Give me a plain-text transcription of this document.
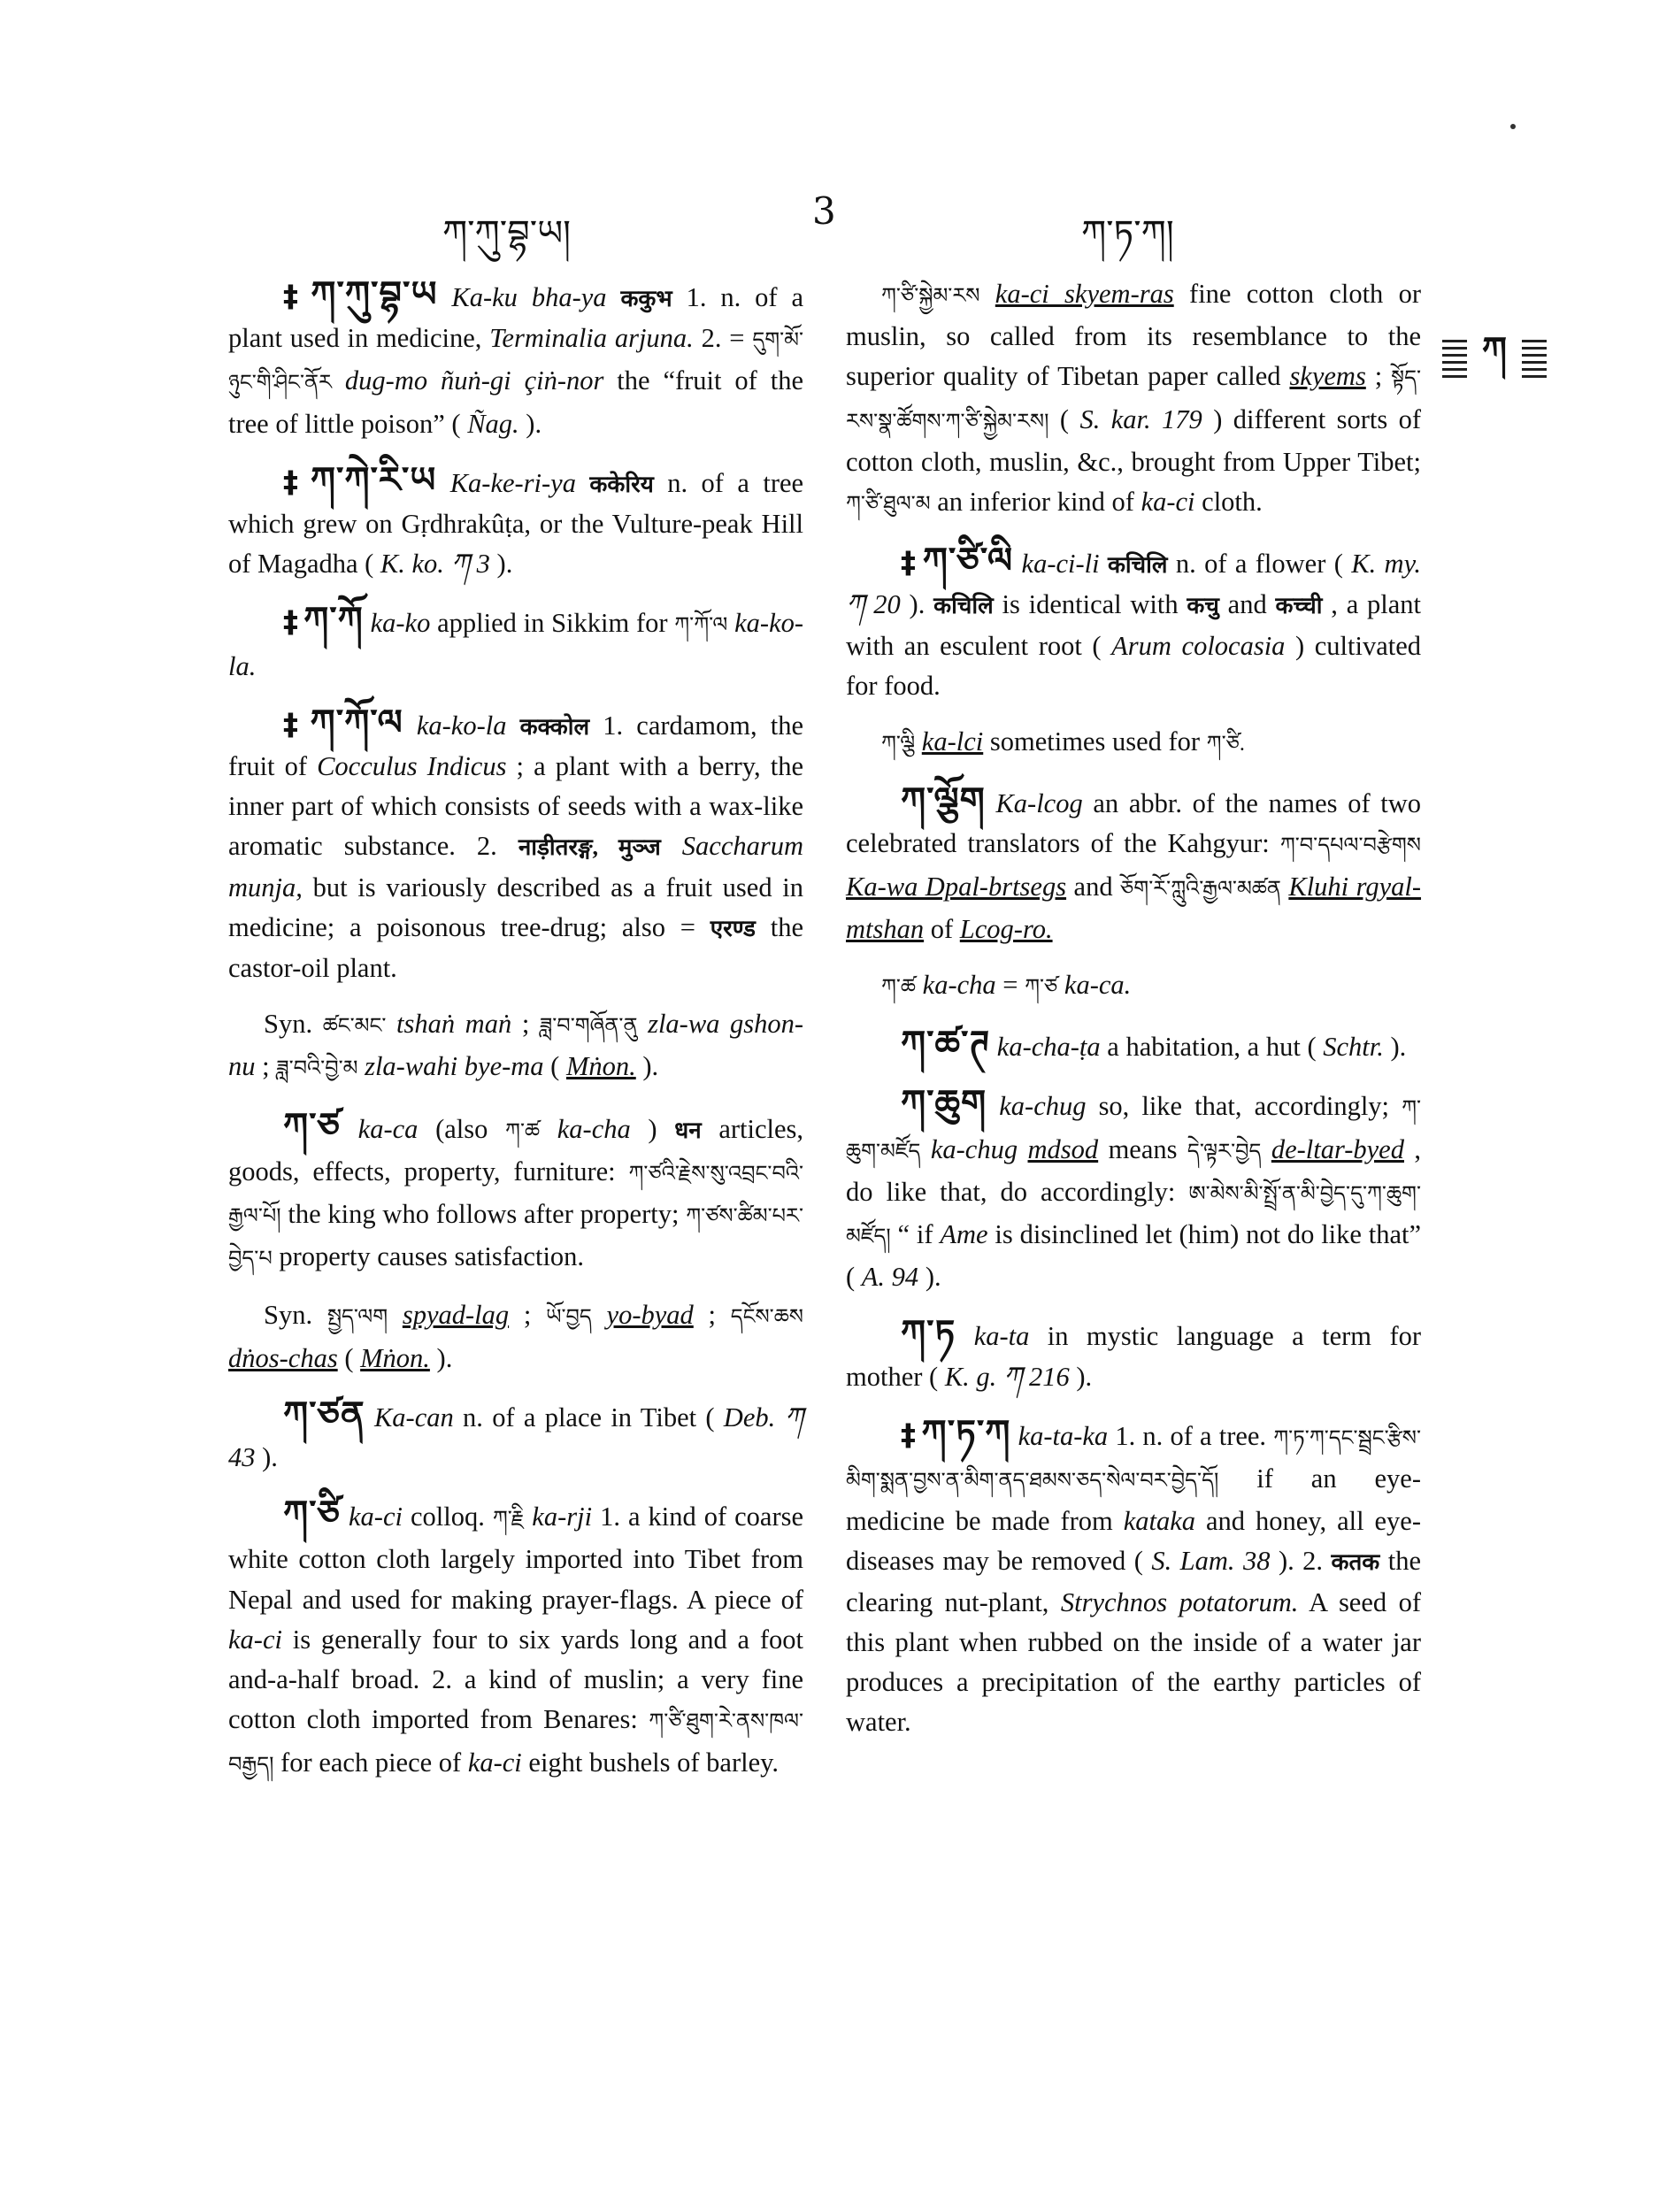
ཀ་ཀུ་བྷ་ཡ།
3
ཀ་ཏ་ཀ།
ཀ

‡ ཀ་ཀུ་བྷ་ཡ Ka-ku bha-ya ककुभ 1. n. of a plant used in medicine, Terminalia arjuna. 2. = དུག་མོ་ཉུང་གི་ཤིང་ནོར dug-mo ñuṅ-gi çiṅ-nor the “fruit of the tree of little poison” ( Ñag. ).

‡ ཀ་ཀེ་རི་ཡ Ka-ke-ri-ya ककेरिय n. of a tree which grew on Gṛdhrakûṭa, or the Vulture-peak Hill of Magadha ( K. ko. ཀ 3 ).

‡ ཀ་ཀོ ka-ko applied in Sikkim for ཀ་ཀོ་ལ ka-ko-la.

‡ ཀ་ཀོ་ལ ka-ko-la कक्कोल 1. cardamom, the fruit of Cocculus Indicus ; a plant with a berry, the inner part of which consists of seeds with a wax-like aromatic substance. 2. नाड़ीतरङ्ग, मुञ्ज Saccharum munja, but is variously described as a fruit used in medicine; a poisonous tree-drug; also = एरण्ड the castor-oil plant.

Syn. ཚང་མང་ tshaṅ maṅ ; ཟླ་བ་གཞོན་ནུ zla-wa gshon-nu ; ཟླ་བའི་བྱེ་མ zla-wahi bye-ma ( Mṅon. ).

ཀ་ཙ ka-ca (also ཀ་ཚ ka-cha ) धन articles, goods, effects, property, furniture: ཀ་ཙའི་རྗེས་སུ་འབྲང་བའི་རྒྱལ་པོ། the king who follows after property; ཀ་ཙས་ཚིམ་པར་བྱེད་པ property causes satisfaction.

Syn. སྤྱད་ལག spyad-lag ; ཡོ་བྱད yo-byad ; དངོས་ཆས dṅos-chas ( Mṅon. ).

ཀ་ཙན Ka-can n. of a place in Tibet ( Deb. ཀ 43 ).

ཀ་ཙི ka-ci colloq. ཀ་རྗི ka-rji 1. a kind of coarse white cotton cloth largely imported into Tibet from Nepal and used for making prayer-flags. A piece of ka-ci is generally four to six yards long and a foot and-a-half broad. 2. a kind of muslin; a very fine cotton cloth imported from Benares: ཀ་ཙི་ཐུག་རེ་ནས་ཁལ་བརྒྱད། for each piece of ka-ci eight bushels of barley.

ཀ་ཙི་སྐྱེམ་རས ka-ci skyem-ras fine cotton cloth or muslin, so called from its resemblance to the superior quality of Tibetan paper called skyems ; སྟོད་རས་སྣ་ཚོགས་ཀ་ཙི་སྐྱེམ་རས། ( S. kar. 179 ) different sorts of cotton cloth, muslin, &c., brought from Upper Tibet; ཀ་ཙི་ཐུལ་མ an inferior kind of ka-ci cloth.

‡ ཀ་ཙི་ལི ka-ci-li कचिलि n. of a flower ( K. my. ཀ 20 ). कचिलि is identical with कचु and कच्ची , a plant with an esculent root ( Arum colocasia ) cultivated for food.

ཀ་ལྕི ka-lci sometimes used for ཀ་ཙི.

ཀ་ལྕོག Ka-lcog an abbr. of the names of two celebrated translators of the Kahgyur: ཀ་བ་དཔལ་བརྩེགས Ka-wa Dpal-brtsegs and ཅོག་རོ་ཀླུའི་རྒྱལ་མཚན Kluhi rgyal-mtshan of Lcog-ro.

ཀ་ཚ ka-cha = ཀ་ཙ ka-ca.

ཀ་ཚ་ཊ ka-cha-ṭa a habitation, a hut ( Schtr. ).

ཀ་ཆུག ka-chug so, like that, accordingly; ཀ་ཆུག་མཛོད ka-chug mdsod means དེ་ལྟར་བྱེད de-ltar-byed , do like that, do accordingly: ཨ་མེས་མི་སྤྲོ་ན་མི་བྱེད་དུ་ཀ་ཆུག་མཛོད། “ if Ame is disinclined let (him) not do like that” ( A. 94 ).

ཀ་ཏ ka-ta in mystic language a term for mother ( K. g. ཀ 216 ).

‡ ཀ་ཏ་ཀ ka-ta-ka 1. n. of a tree. ཀ་ཏ་ཀ་དང་སྦྲང་རྩིས་མིག་སྨན་བྱས་ན་མིག་ནད་ཐམས་ཅད་སེལ་བར་བྱེད་དོ། if an eye-medicine be made from kataka and honey, all eye-diseases may be removed ( S. Lam. 38 ). 2. कतक the clearing nut-plant, Strychnos potatorum. A seed of this plant when rubbed on the inside of a water jar produces a precipitation of the earthy particles of water.
